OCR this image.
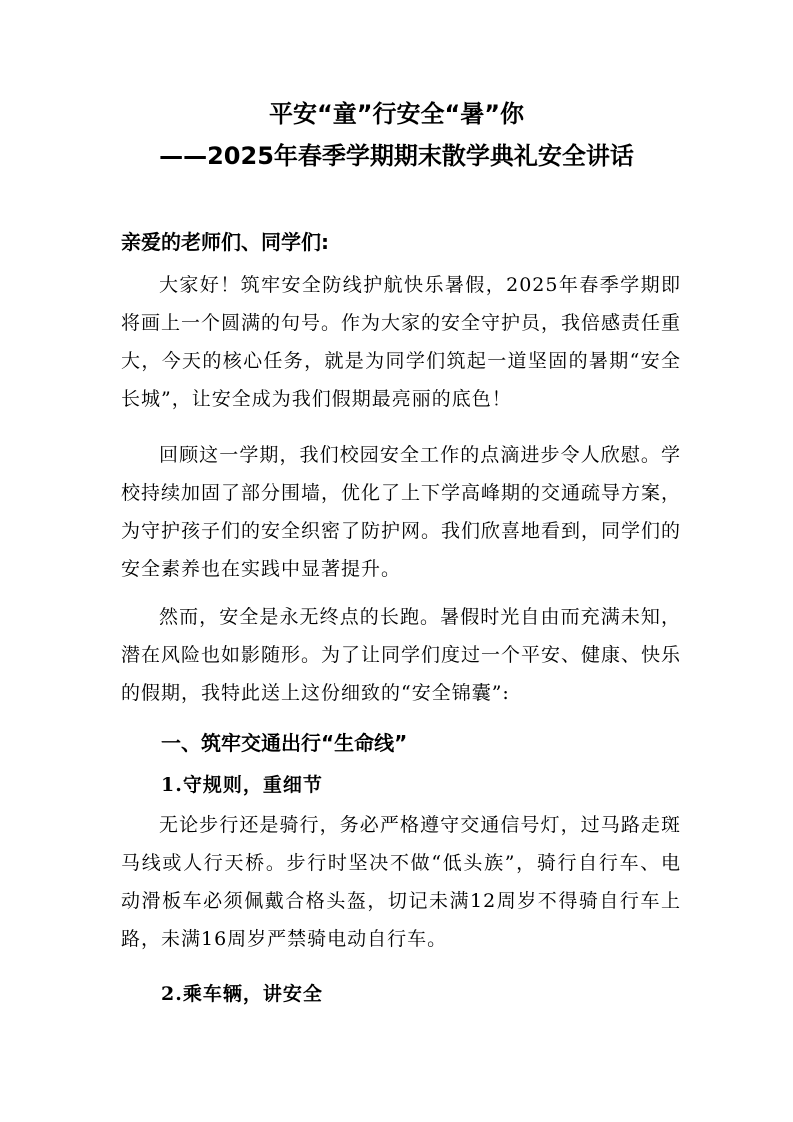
平安“童”行安全“暑”你
——2025年春季学期期末散学典礼安全讲话
亲爱的老师们、同学们:

大家好！筑牢安全防线护航快乐暑假，2025年春季学期即将画上一个圆满的句号。作为大家的安全守护员，我倍感责任重大，今天的核心任务，就是为同学们筑起一道坚固的暑期“安全长城”，让安全成为我们假期最亮丽的底色！

回顾这一学期，我们校园安全工作的点滴进步令人欣慰。学校持续加固了部分围墙，优化了上下学高峰期的交通疏导方案，为守护孩子们的安全织密了防护网。我们欣喜地看到，同学们的安全素养也在实践中显著提升。

然而，安全是永无终点的长跑。暑假时光自由而充满未知，潜在风险也如影随形。为了让同学们度过一个平安、健康、快乐的假期，我特此送上这份细致的“安全锦囊”:

一、筑牢交通出行“生命线”
1.守规则，重细节

无论步行还是骑行，务必严格遵守交通信号灯，过马路走斑马线或人行天桥。步行时坚决不做“低头族”，骑行自行车、电动滑板车必须佩戴合格头盔，切记未满12周岁不得骑自行车上路，未满16周岁严禁骑电动自行车。

2.乘车辆，讲安全
